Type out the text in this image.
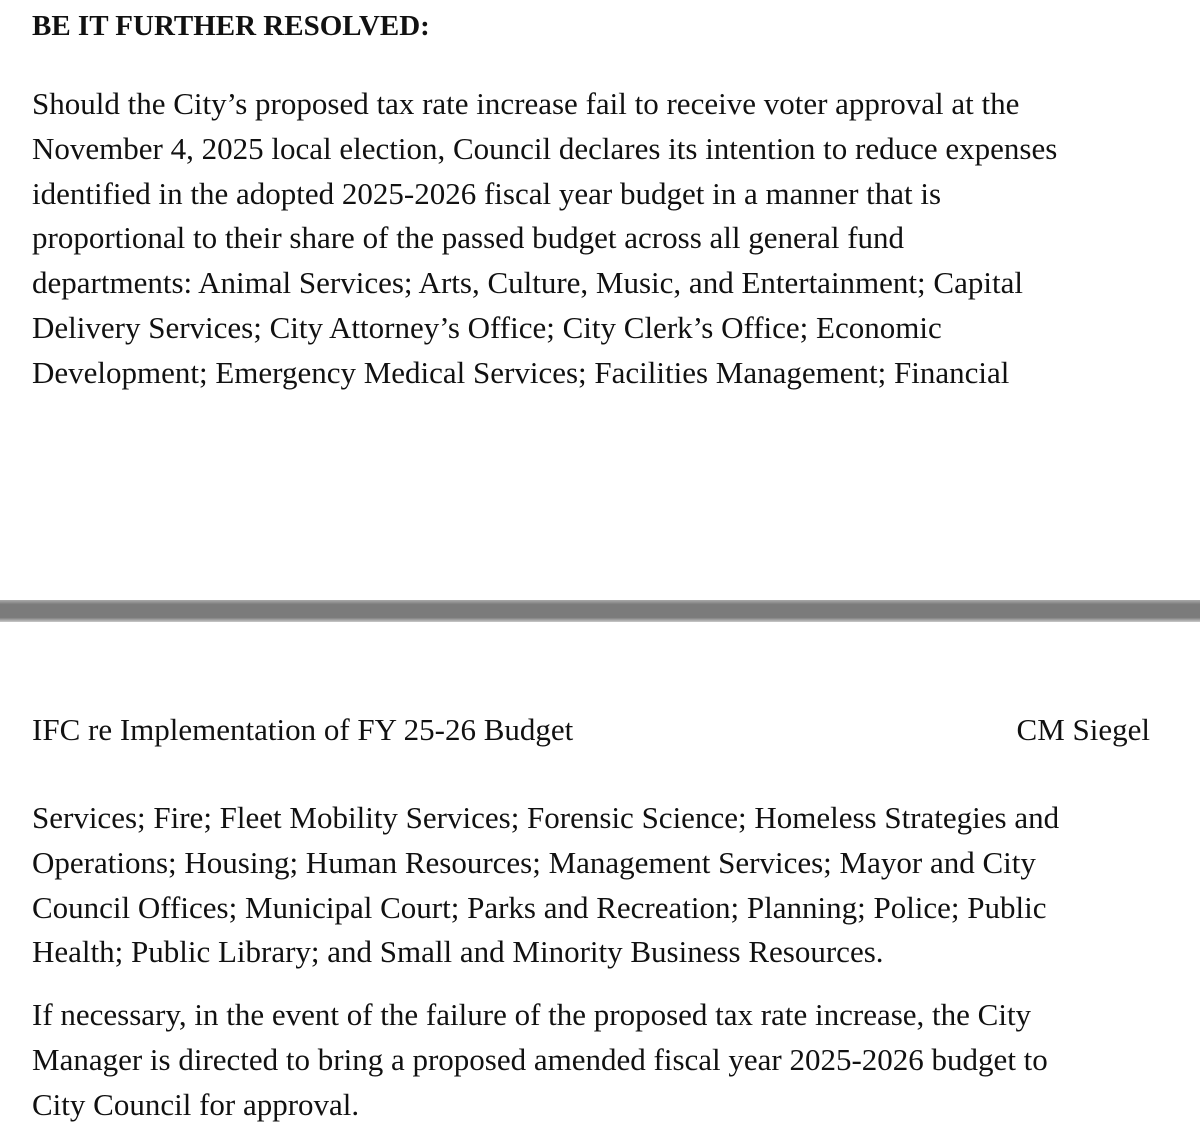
BE IT FURTHER RESOLVED:

Should the City’s proposed tax rate increase fail to receive voter approval at the
November 4, 2025 local election, Council declares its intention to reduce expenses
identified in the adopted 2025-2026 fiscal year budget in a manner that is
proportional to their share of the passed budget across all general fund
departments: Animal Services; Arts, Culture, Music, and Entertainment; Capital
Delivery Services; City Attorney’s Office; City Clerk’s Office; Economic
Development; Emergency Medical Services; Facilities Management; Financial

IFC re Implementation of FY 25-26 Budget	CM Siegel

Services; Fire; Fleet Mobility Services; Forensic Science; Homeless Strategies and
Operations; Housing; Human Resources; Management Services; Mayor and City
Council Offices; Municipal Court; Parks and Recreation; Planning; Police; Public
Health; Public Library; and Small and Minority Business Resources.

If necessary, in the event of the failure of the proposed tax rate increase, the City
Manager is directed to bring a proposed amended fiscal year 2025-2026 budget to
City Council for approval.
